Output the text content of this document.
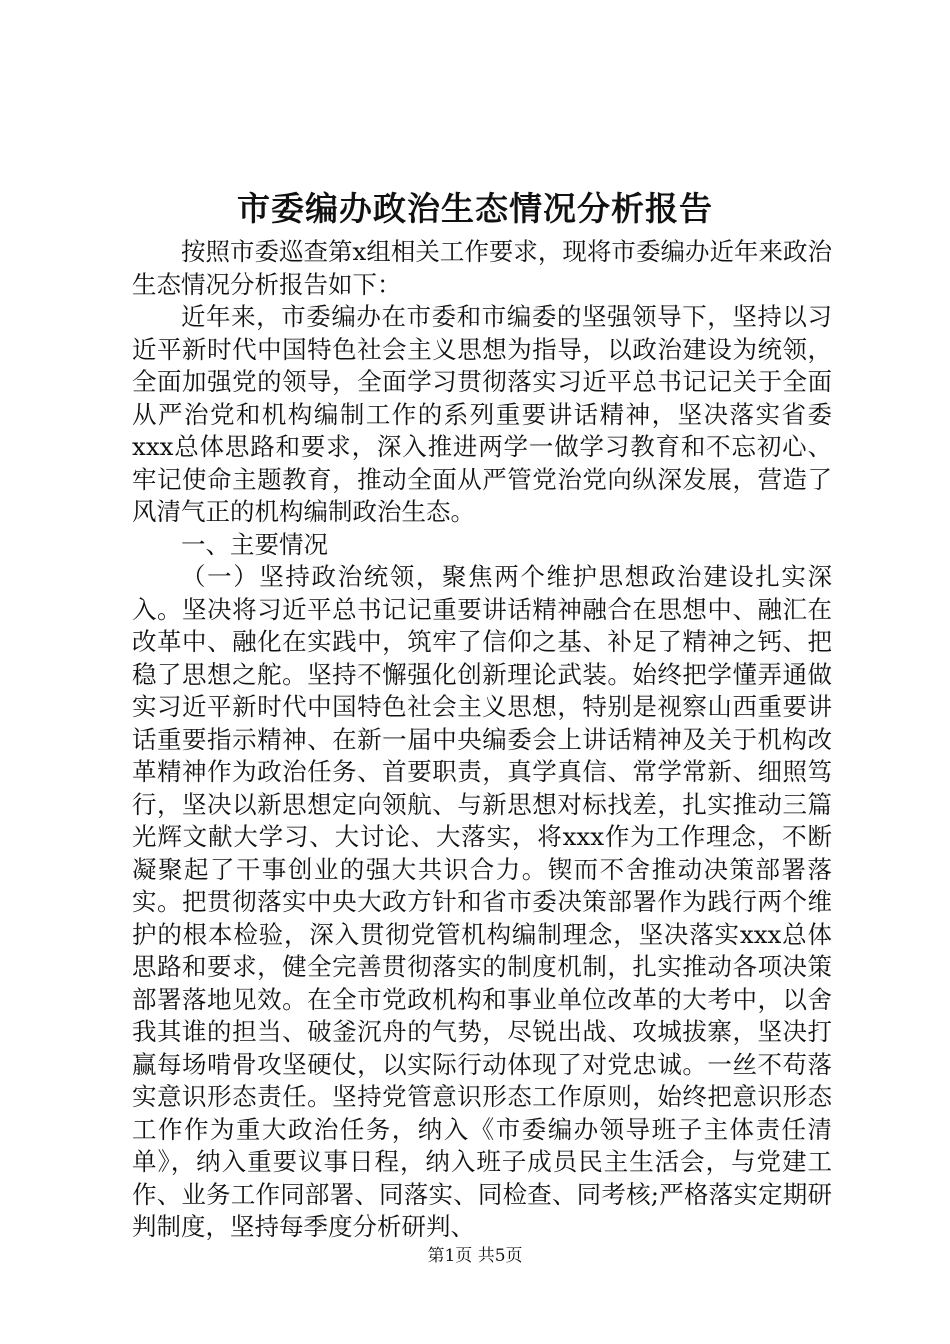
市委编办政治生态情况分析报告

按照市委巡查第x组相关工作要求，现将市委编办近年来政治生态情况分析报告如下：

近年来，市委编办在市委和市编委的坚强领导下，坚持以习近平新时代中国特色社会主义思想为指导，以政治建设为统领，全面加强党的领导，全面学习贯彻落实习近平总书记记关于全面从严治党和机构编制工作的系列重要讲话精神，坚决落实省委xxx总体思路和要求，深入推进两学一做学习教育和不忘初心、牢记使命主题教育，推动全面从严管党治党向纵深发展，营造了风清气正的机构编制政治生态。

一、主要情况

（一）坚持政治统领，聚焦两个维护思想政治建设扎实深入。坚决将习近平总书记记重要讲话精神融合在思想中、融汇在改革中、融化在实践中，筑牢了信仰之基、补足了精神之钙、把稳了思想之舵。坚持不懈强化创新理论武装。始终把学懂弄通做实习近平新时代中国特色社会主义思想，特别是视察山西重要讲话重要指示精神、在新一届中央编委会上讲话精神及关于机构改革精神作为政治任务、首要职责，真学真信、常学常新、细照笃行，坚决以新思想定向领航、与新思想对标找差，扎实推动三篇光辉文献大学习、大讨论、大落实，将xxx作为工作理念，不断凝聚起了干事创业的强大共识合力。锲而不舍推动决策部署落实。把贯彻落实中央大政方针和省市委决策部署作为践行两个维护的根本检验，深入贯彻党管机构编制理念，坚决落实xxx总体思路和要求，健全完善贯彻落实的制度机制，扎实推动各项决策部署落地见效。在全市党政机构和事业单位改革的大考中，以舍我其谁的担当、破釜沉舟的气势，尽锐出战、攻城拔寨，坚决打赢每场啃骨攻坚硬仗，以实际行动体现了对党忠诚。一丝不苟落实意识形态责任。坚持党管意识形态工作原则，始终把意识形态工作作为重大政治任务，纳入《市委编办领导班子主体责任清单》，纳入重要议事日程，纳入班子成员民主生活会，与党建工作、业务工作同部署、同落实、同检查、同考核;严格落实定期研判制度，坚持每季度分析研判、

第1页 共5页
